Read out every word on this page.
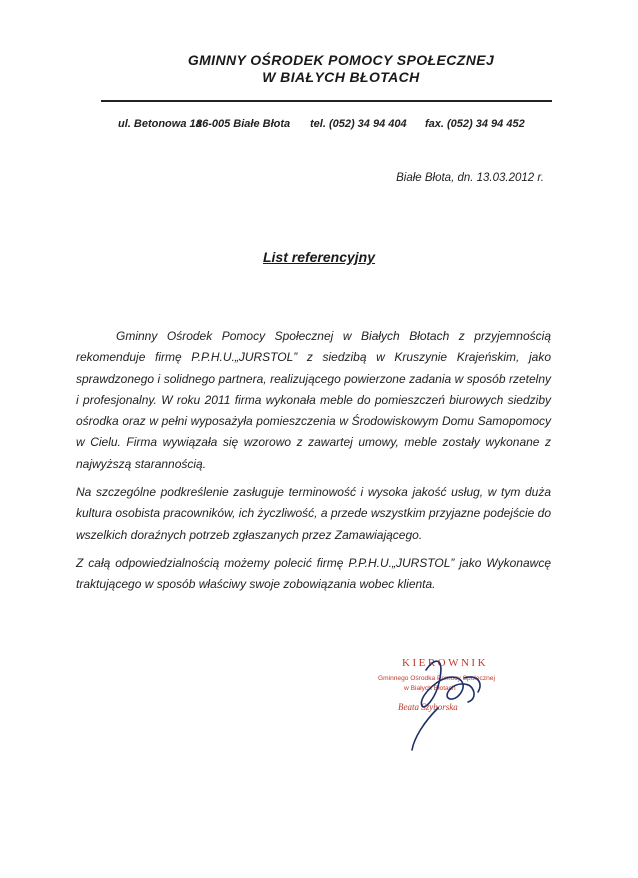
GMINNY OŚRODEK POMOCY SPOŁECZNEJ
W BIAŁYCH BŁOTACH
ul. Betonowa 1a
86-005 Białe Błota tel. (052) 34 94 404 fax. (052) 34 94 452
Białe Błota, dn. 13.03.2012 r.
List referencyjny

Gminny Ośrodek Pomocy Społecznej w Białych Błotach z przyjemnością rekomenduje firmę P.P.H.U.„JURSTOL” z siedzibą w Kruszynie Krajeńskim, jako sprawdzonego i solidnego partnera, realizującego powierzone zadania w sposób rzetelny i profesjonalny. W roku 2011 firma wykonała meble do pomieszczeń biurowych siedziby ośrodka oraz w pełni wyposażyła pomieszczenia w Środowiskowym Domu Samopomocy w Cielu. Firma wywiązała się wzorowo z zawartej umowy, meble zostały wykonane z najwyższą starannością.

Na szczególne podkreślenie zasługuje terminowość i wysoka jakość usług, w tym duża kultura osobista pracowników, ich życzliwość, a przede wszystkim przyjazne podejście do wszelkich doraźnych potrzeb zgłaszanych przez Zamawiającego.

Z całą odpowiedzialnością możemy polecić firmę P.P.H.U.„JURSTOL” jako Wykonawcę traktującego w sposób właściwy swoje zobowiązania wobec klienta.

KIEROWNIK
Gminnego Ośrodka Pomocy Społecznej
w Białych Błotach
Beata Szyborska
